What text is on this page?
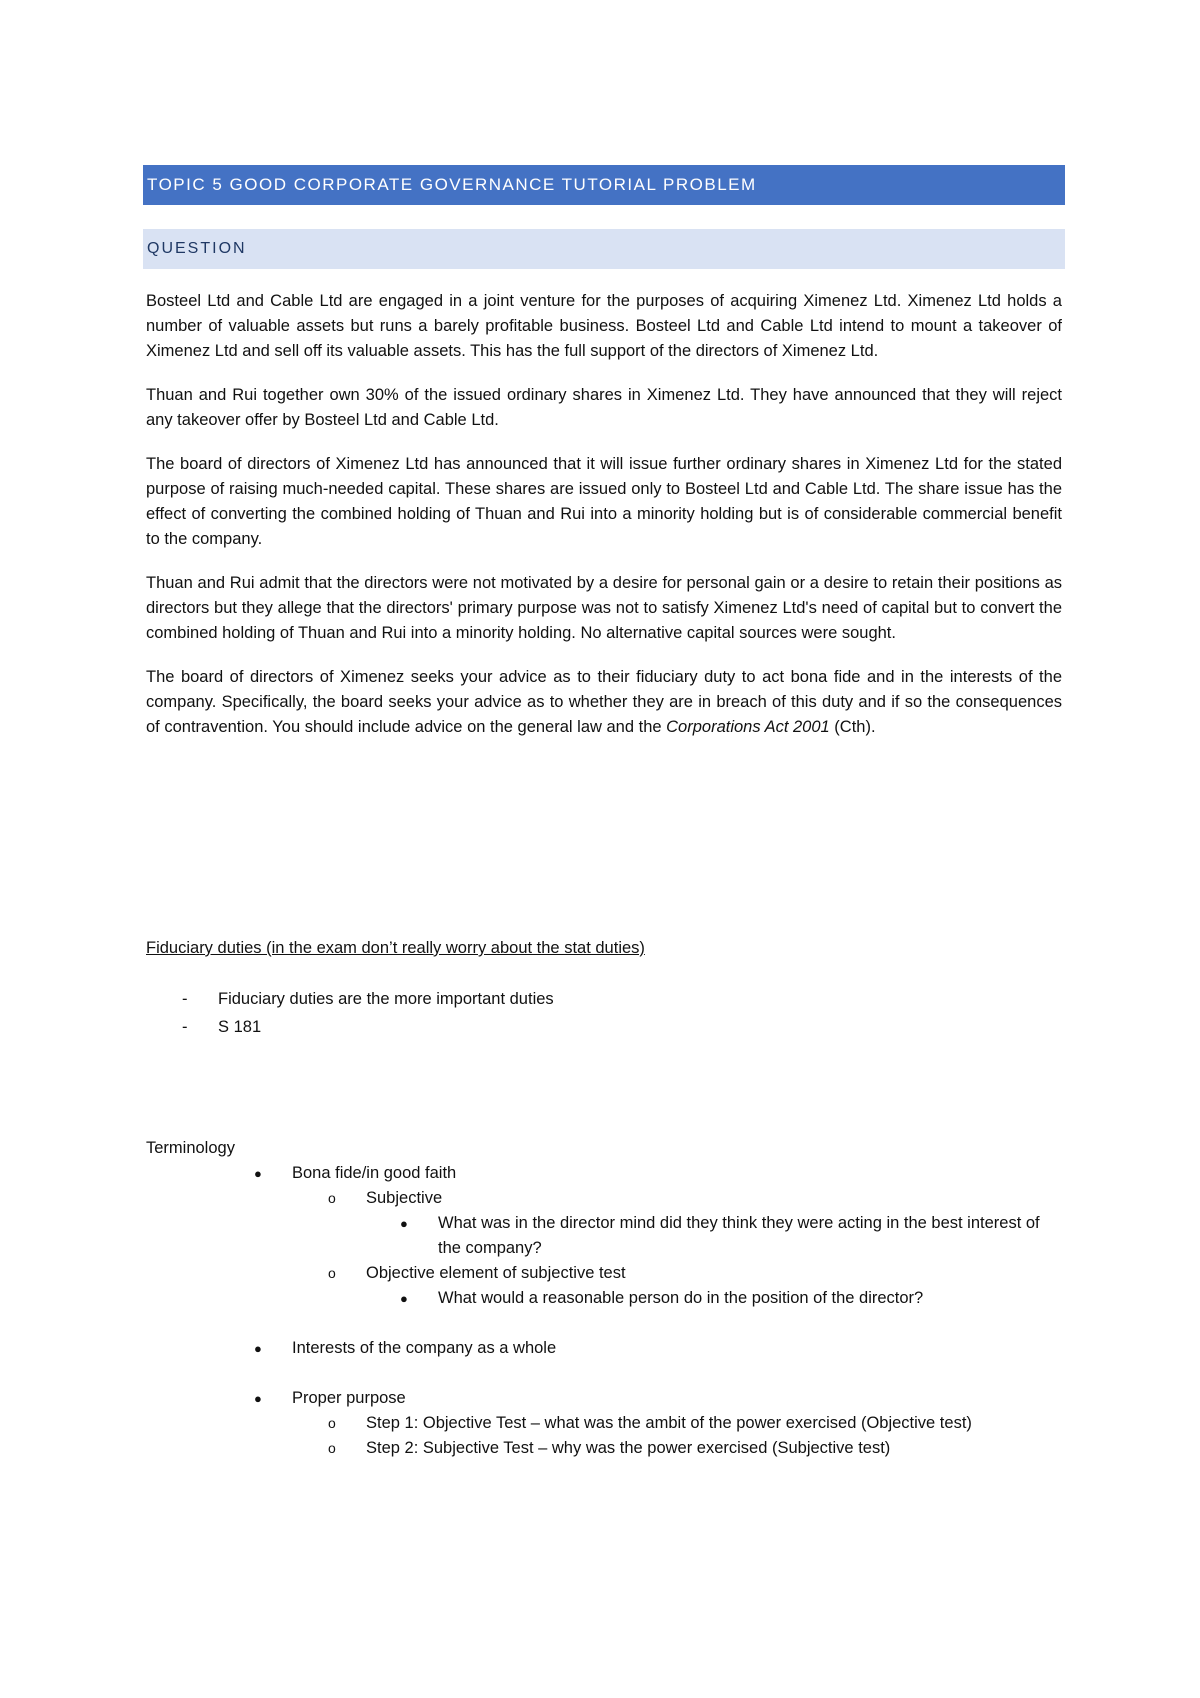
TOPIC 5 GOOD CORPORATE GOVERNANCE TUTORIAL PROBLEM
QUESTION

Bosteel Ltd and Cable Ltd are engaged in a joint venture for the purposes of acquiring Ximenez Ltd. Ximenez Ltd holds a number of valuable assets but runs a barely profitable business. Bosteel Ltd and Cable Ltd intend to mount a takeover of Ximenez Ltd and sell off its valuable assets. This has the full support of the directors of Ximenez Ltd.

Thuan and Rui together own 30% of the issued ordinary shares in Ximenez Ltd. They have announced that they will reject any takeover offer by Bosteel Ltd and Cable Ltd.

The board of directors of Ximenez Ltd has announced that it will issue further ordinary shares in Ximenez Ltd for the stated purpose of raising much-needed capital. These shares are issued only to Bosteel Ltd and Cable Ltd. The share issue has the effect of converting the combined holding of Thuan and Rui into a minority holding but is of considerable commercial benefit to the company.

Thuan and Rui admit that the directors were not motivated by a desire for personal gain or a desire to retain their positions as directors but they allege that the directors' primary purpose was not to satisfy Ximenez Ltd's need of capital but to convert the combined holding of Thuan and Rui into a minority holding. No alternative capital sources were sought.

The board of directors of Ximenez seeks your advice as to their fiduciary duty to act bona fide and in the interests of the company. Specifically, the board seeks your advice as to whether they are in breach of this duty and if so the consequences of contravention. You should include advice on the general law and the Corporations Act 2001 (Cth).

Fiduciary duties (in the exam don’t really worry about the stat duties)
- Fiduciary duties are the more important duties
- S 181
Terminology
● Bona fide/in good faith
o Subjective
● What was in the director mind did they think they were acting in the best interest of the company?
o Objective element of subjective test
● What would a reasonable person do in the position of the director?
● Interests of the company as a whole
● Proper purpose
o Step 1: Objective Test – what was the ambit of the power exercised (Objective test)
o Step 2: Subjective Test – why was the power exercised (Subjective test)
